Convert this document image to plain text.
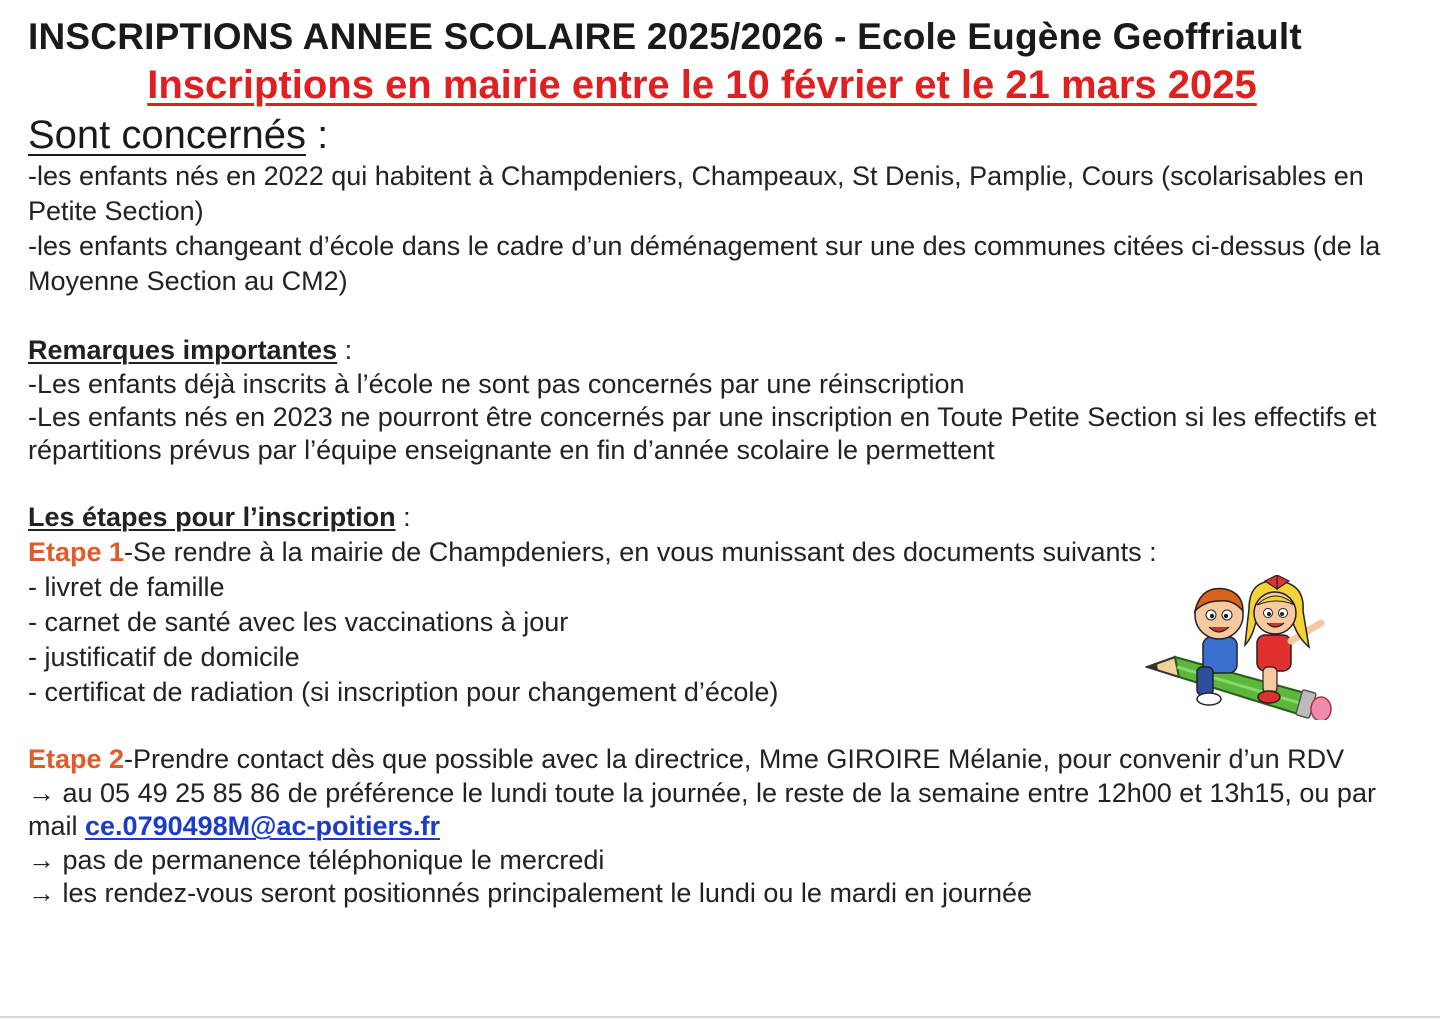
INSCRIPTIONS ANNEE SCOLAIRE 2025/2026 - Ecole Eugène Geoffriault
Inscriptions en mairie entre le 10 février et le 21 mars 2025
Sont concernés :

-les enfants nés en 2022 qui habitent à Champdeniers, Champeaux, St Denis, Pamplie, Cours (scolarisables en Petite Section)

-les enfants changeant d’école dans le cadre d’un déménagement sur une des communes citées ci-dessus (de la Moyenne Section au CM2)

Remarques importantes :

-Les enfants déjà inscrits à l’école ne sont pas concernés par une réinscription

-Les enfants nés en 2023 ne pourront être concernés par une inscription en Toute Petite Section si les effectifs et répartitions prévus par l’équipe enseignante en fin d’année scolaire le permettent

Les étapes pour l’inscription :

Etape 1-Se rendre à la mairie de Champdeniers, en vous munissant des documents suivants :

- livret de famille

- carnet de santé avec les vaccinations à jour

- justificatif de domicile

- certificat de radiation (si inscription pour changement d’école)

Etape 2-Prendre contact dès que possible avec la directrice, Mme GIROIRE Mélanie, pour convenir d’un RDV

→ au 05 49 25 85 86 de préférence le lundi toute la journée, le reste de la semaine entre 12h00 et 13h15, ou par mail ce.0790498M@ac-poitiers.fr

→ pas de permanence téléphonique le mercredi

→ les rendez-vous seront positionnés principalement le lundi ou le mardi en journée
